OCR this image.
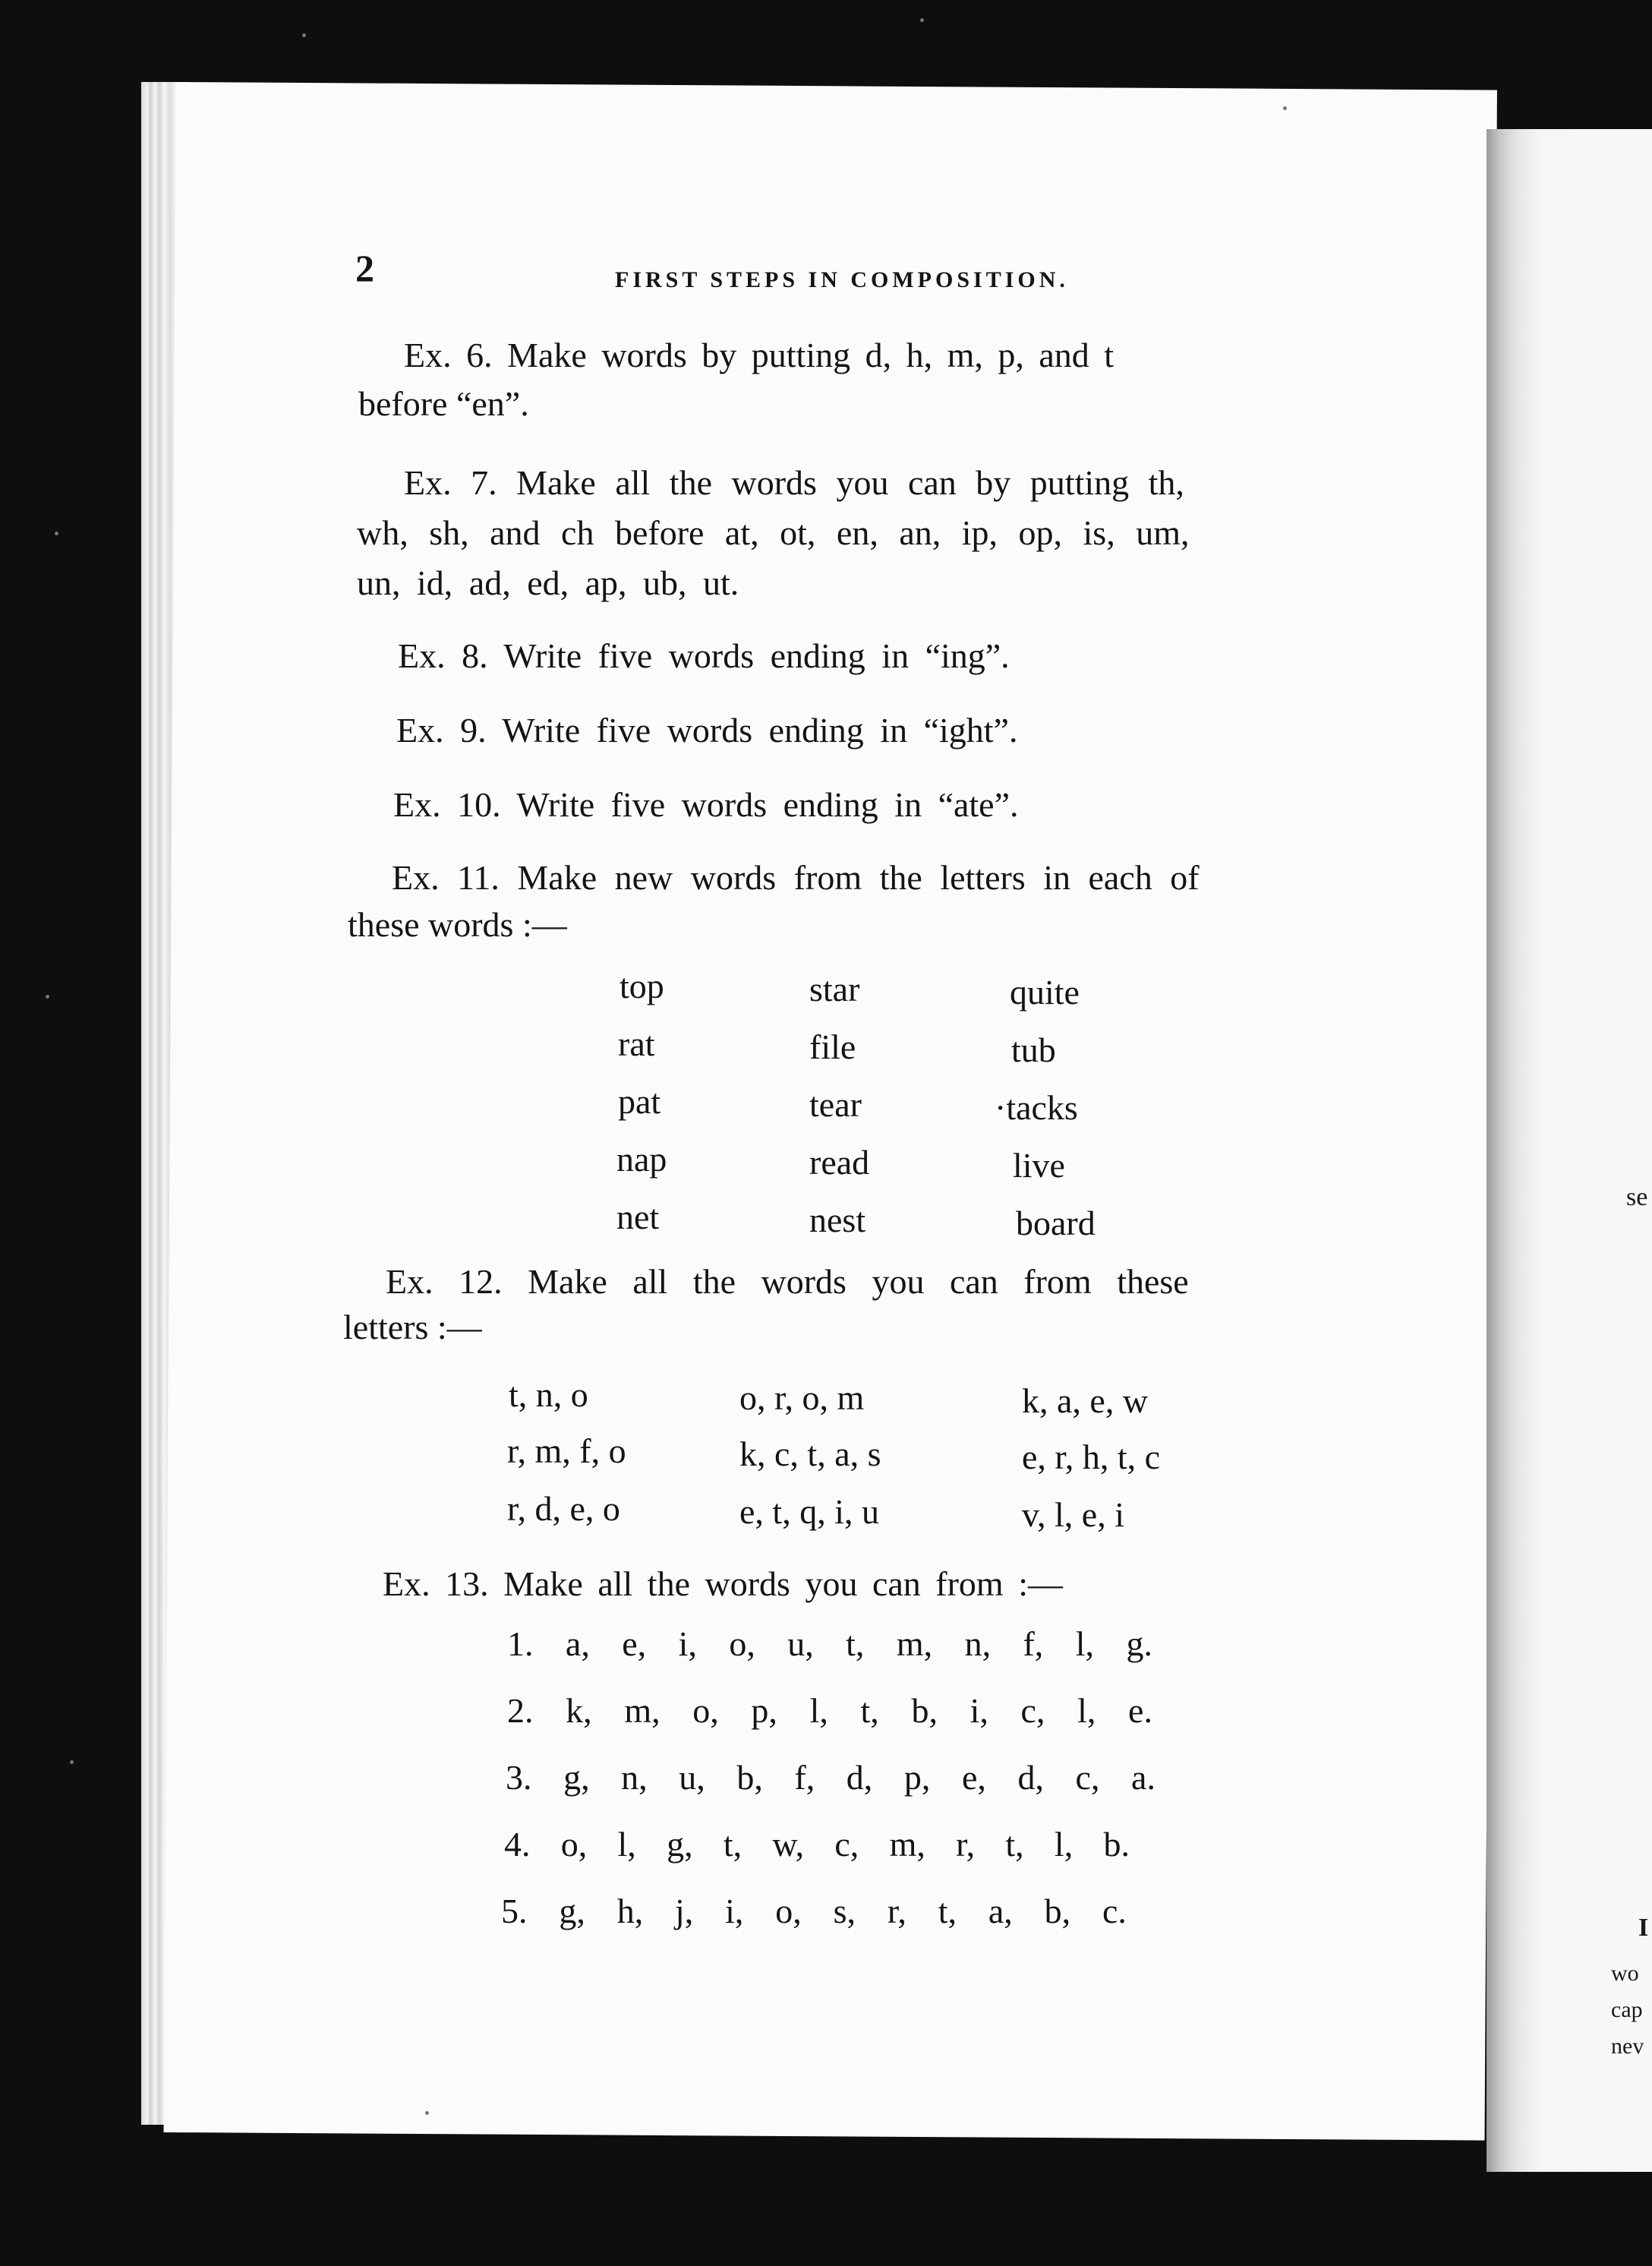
se
I
wo
cap
nev
2	FIRST STEPS IN COMPOSITION.
Ex. 6. Make words by putting d, h, m, p, and t
before “en”.
Ex. 7. Make all the words you can by putting th,
wh, sh, and ch before at, ot, en, an, ip, op, is, um,
un, id, ad, ed, ap, ub, ut.
Ex. 8. Write five words ending in “ing”.
Ex. 9. Write five words ending in “ight”.
Ex. 10. Write five words ending in “ate”.
Ex. 11. Make new words from the letters in each of
these words :—
top	star	quite
rat	file	tub
pat	tear	·tacks
nap	read	live
net	nest	board
Ex. 12. Make all the words you can from these
letters :—
t, n, o	o, r, o, m	k, a, e, w
r, m, f, o	k, c, t, a, s	e, r, h, t, c
r, d, e, o	e, t, q, i, u	v, l, e, i
Ex. 13. Make all the words you can from :—
1. a, e, i, o, u, t, m, n, f, l, g.
2. k, m, o, p, l, t, b, i, c, l, e.
3. g, n, u, b, f, d, p, e, d, c, a.
4. o, l, g, t, w, c, m, r, t, l, b.
5. g, h, j, i, o, s, r, t, a, b, c.
